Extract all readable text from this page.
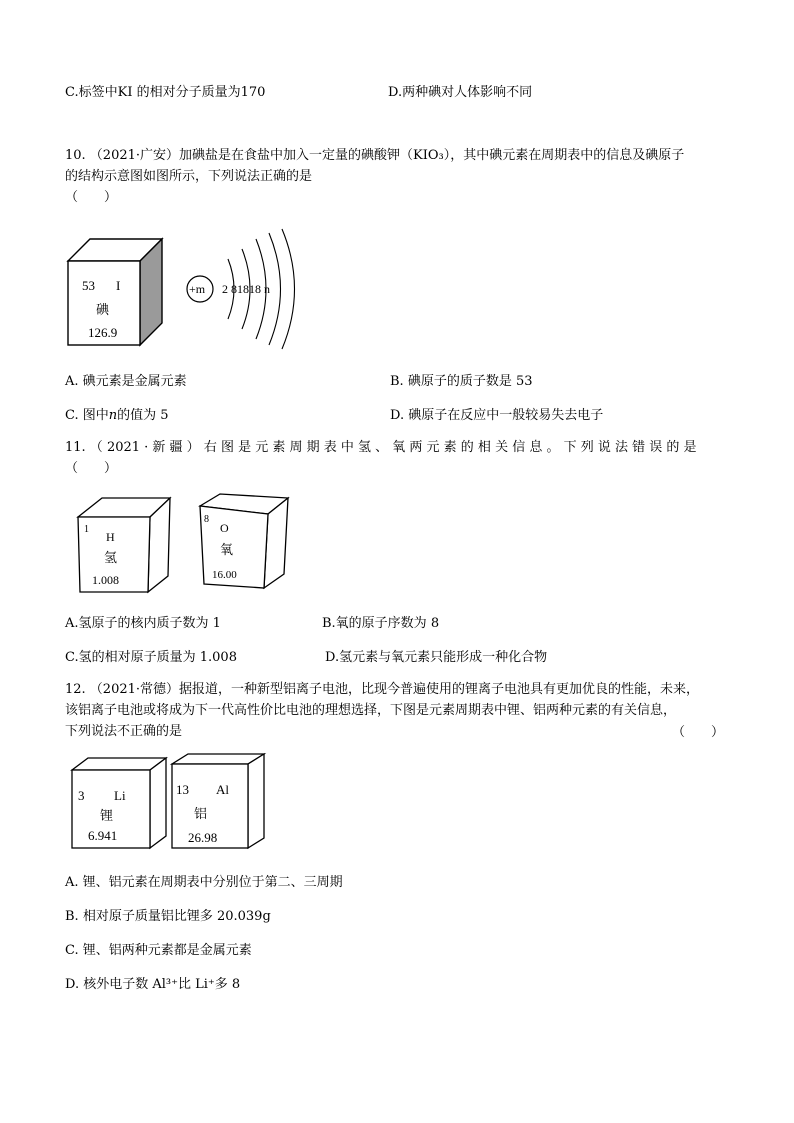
C.标签中KI 的相对分子质量为170	D.两种碘对人体影响不同
10. （2021·广安）加碘盐是在食盐中加入一定量的碘酸钾（KIO₃），其中碘元素在周期表中的信息及碘原子
的结构示意图如图所示，下列说法正确的是
（　　）
53 I
碘
126.9
+m 2 81818 n
A. 碘元素是金属元素	B. 碘原子的质子数是 53
C. 图中n的值为 5	D. 碘原子在反应中一般较易失去电子
11. （ 2021 · 新 疆 ） 右 图 是 元 素 周 期 表 中 氢 、 氧 两 元 素 的 相 关 信 息 。 下 列 说 法 错 误 的 是
（　　）
1
H
氢
1.008
8
O
氧
16.00
A.氢原子的核内质子数为 1	B.氧的原子序数为 8
C.氢的相对原子质量为 1.008	D.氢元素与氧元素只能形成一种化合物
12. （2021·常德）据报道，一种新型铝离子电池，比现今普遍使用的锂离子电池具有更加优良的性能，未来，
该铝离子电池或将成为下一代高性价比电池的理想选择，下图是元素周期表中锂、铝两种元素的有关信息，
下列说法不正确的是	（　　）
3 Li
锂
6.941
13 Al
铝
26.98
A. 锂、铝元素在周期表中分别位于第二、三周期
B. 相对原子质量铝比锂多 20.039g
C. 锂、铝两种元素都是金属元素
D. 核外电子数 Al³⁺比 Li⁺多 8
